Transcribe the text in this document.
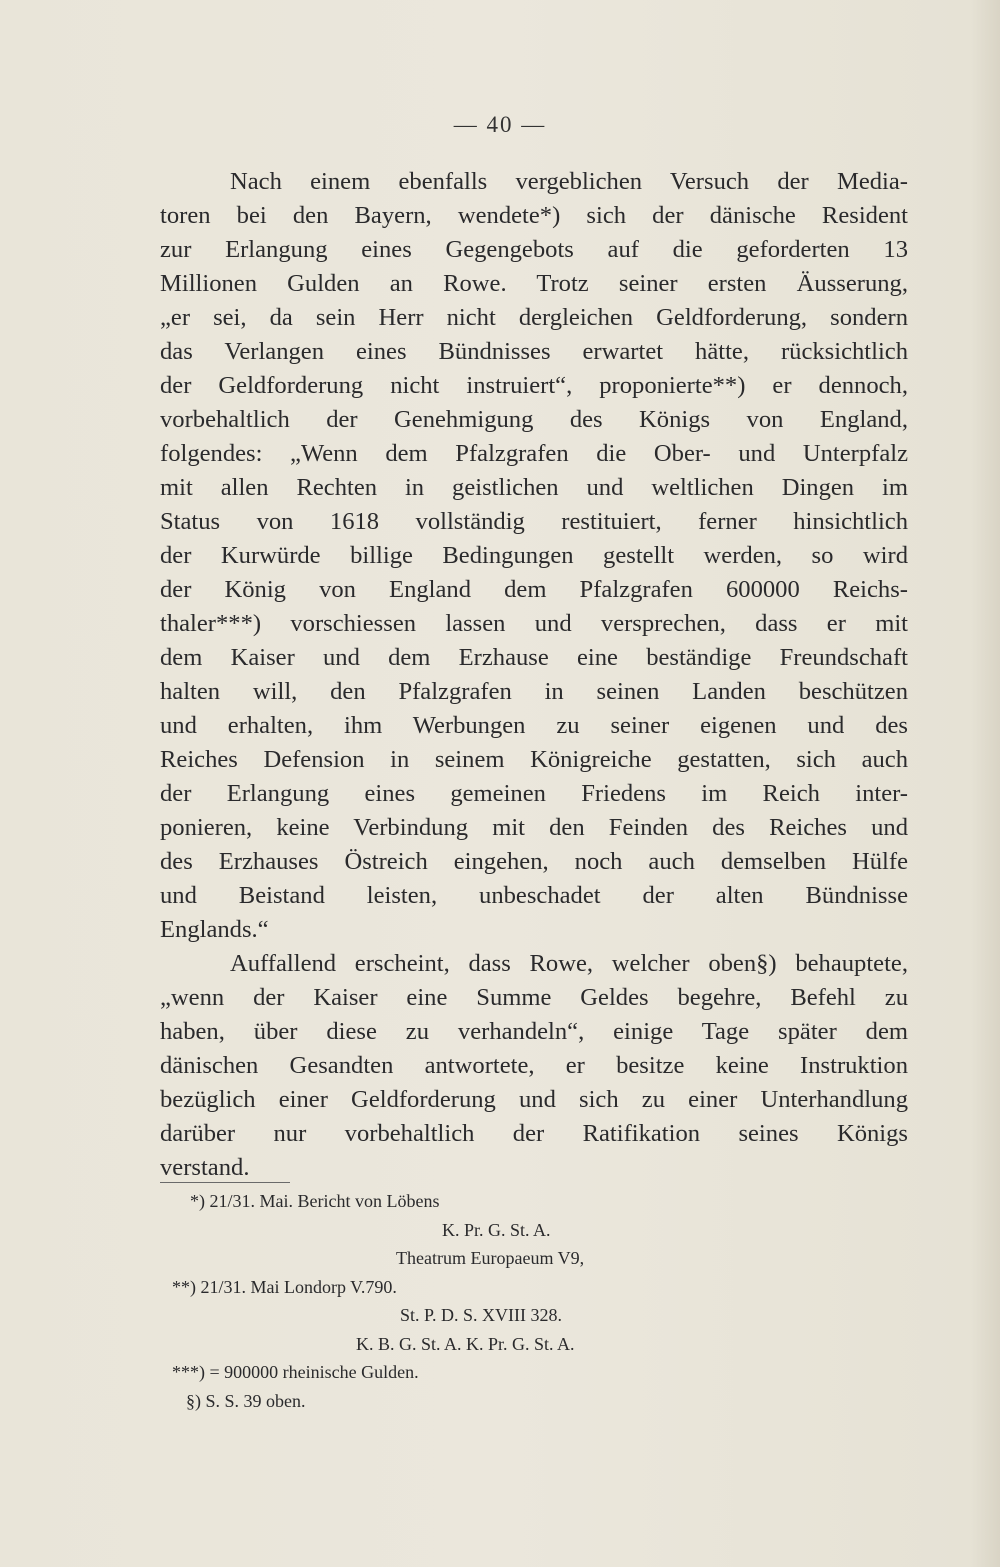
— 40 —
Nach einem ebenfalls vergeblichen Versuch der Media-
toren bei den Bayern, wendete*) sich der dänische Resident
zur Erlangung eines Gegengebots auf die geforderten 13
Millionen Gulden an Rowe. Trotz seiner ersten Äusserung,
„er sei, da sein Herr nicht dergleichen Geldforderung, sondern
das Verlangen eines Bündnisses erwartet hätte, rücksichtlich
der Geldforderung nicht instruiert“, proponierte**) er dennoch,
vorbehaltlich der Genehmigung des Königs von England,
folgendes: „Wenn dem Pfalzgrafen die Ober- und Unterpfalz
mit allen Rechten in geistlichen und weltlichen Dingen im
Status von 1618 vollständig restituiert, ferner hinsichtlich
der Kurwürde billige Bedingungen gestellt werden, so wird
der König von England dem Pfalzgrafen 600000 Reichs-
thaler***) vorschiessen lassen und versprechen, dass er mit
dem Kaiser und dem Erzhause eine beständige Freundschaft
halten will, den Pfalzgrafen in seinen Landen beschützen
und erhalten, ihm Werbungen zu seiner eigenen und des
Reiches Defension in seinem Königreiche gestatten, sich auch
der Erlangung eines gemeinen Friedens im Reich inter-
ponieren, keine Verbindung mit den Feinden des Reiches und
des Erzhauses Östreich eingehen, noch auch demselben Hülfe
und Beistand leisten, unbeschadet der alten Bündnisse
Englands.“
Auffallend erscheint, dass Rowe, welcher oben§) behauptete,
„wenn der Kaiser eine Summe Geldes begehre, Befehl zu
haben, über diese zu verhandeln“, einige Tage später dem
dänischen Gesandten antwortete, er besitze keine Instruktion
bezüglich einer Geldforderung und sich zu einer Unterhandlung
darüber nur vorbehaltlich der Ratifikation seines Königs
verstand.
*) 21/31. Mai. Bericht von Löbens
K. Pr. G. St. A.
Theatrum Europaeum V9,
**) 21/31. Mai Londorp V.790.
St. P. D. S. XVIII 328.
K. B. G. St. A. K. Pr. G. St. A.
***) = 900000 rheinische Gulden.
§) S. S. 39 oben.
